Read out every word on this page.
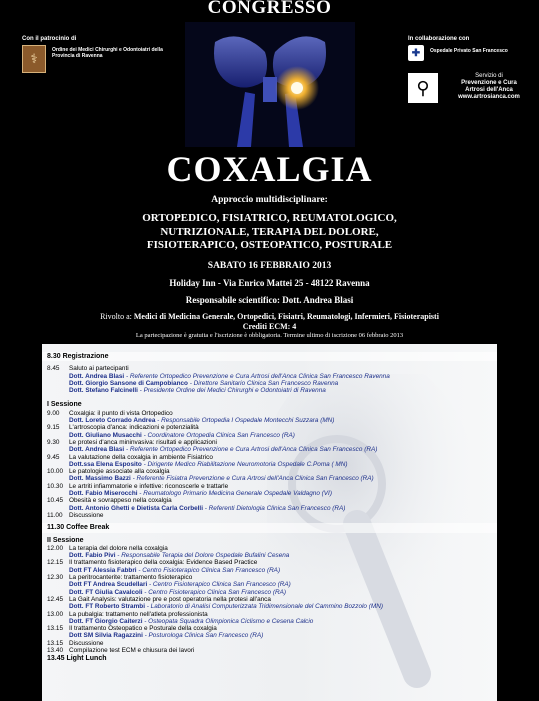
CONGRESSO
Con il patrocinio di
⚕
Ordine dei Medici Chirurghi e Odontoiatri della Provincia di Ravenna
In collaborazione con
✚ Ospedale Privato San Francesco
⚲
Servizio di
Prevenzione e Cura
Artrosi dell'Anca
www.artrosianca.com
COXALGIA
Approccio multidisciplinare:
ORTOPEDICO, FISIATRICO, REUMATOLOGICO,
NUTRIZIONALE, TERAPIA DEL DOLORE,
FISIOTERAPICO, OSTEOPATICO, POSTURALE
SABATO 16 FEBBRAIO 2013
Holiday Inn - Via Enrico Mattei 25 - 48122 Ravenna
Responsabile scientifico: Dott. Andrea Blasi
Rivolto a: Medici di Medicina Generale, Ortopedici, Fisiatri, Reumatologi, Infermieri, Fisioterapisti
Crediti ECM: 4
La partecipazione è gratuita e l'iscrizione è obbligatoria. Termine ultimo di iscrizione 06 febbraio 2013
8.30 Registrazione
8.45 Saluto ai partecipanti
Dott. Andrea Blasi - Referente Ortopedico Prevenzione e Cura Artrosi dell'Anca Clinica San Francesco Ravenna
Dott. Giorgio Sansone di Campobianco - Direttore Sanitario Clinica San Francesco Ravenna
Dott. Stefano Falcinelli - Presidente Ordine dei Medici Chirurghi e Odontoiatri di Ravenna
I Sessione
9.00 Coxalgia: il punto di vista Ortopedico
Dott. Loreto Corrado Andrea - Responsabile Ortopedia I Ospedale Montecchi Suzzara (MN)
9.15 L'artroscopia d'anca: indicazioni e potenzialità
Dott. Giuliano Musacchi - Coordinatore Ortopedia Clinica San Francesco (RA)
9.30 Le protesi d'anca mininvasiva: risultati e applicazioni
Dott. Andrea Blasi - Referente Ortopedico Prevenzione e Cura Artrosi dell'Anca Clinica San Francesco (RA)
9.45 La valutazione della coxalgia in ambiente Fisiatrico
Dott.ssa Elena Esposito - Dirigente Medico Riabilitazione Neuromotoria Ospedale C.Poma ( MN)
10.00 Le patologie associate alla coxalgia
Dott. Massimo Bazzi - Referente Fisiatra Prevenzione e Cura Artrosi dell'Anca Clinica San Francesco (RA)
10.30 Le artriti infiammatorie e infettive: riconoscerle e trattarle
Dott. Fabio Miserocchi - Reumatologo Primario Medicina Generale Ospedale Valdagno (VI)
10.45 Obesità e sovrappeso nella coxalgia
Dott. Antonio Ghetti e Dietista Carla Corbelli - Referenti Dietologia Clinica San Francesco (RA)
11.00 Discussione
11.30 Coffee Break
II Sessione
12.00 La terapia del dolore nella coxalgia
Dott. Fabio Pivi - Responsabile Terapia del Dolore Ospedale Bufalini Cesena
12.15 Il trattamento fisioterapico della coxalgia: Evidence Based Practice
Dott FT Alessia Fabbri - Centro Fisioterapico Clinica San Francesco (RA)
12.30 La peritrocanterite: trattamento fisioterapico
Dott FT Andrea Scudellari - Centro Fisioterapico Clinica San Francesco (RA)
Dott. FT Giulia Cavalcoli - Centro Fisioterapico Clinica San Francesco (RA)
12.45 La Gait Analysis: valutazione pre e post operatoria nella protesi all'anca
Dott. FT Roberto Strambi - Laboratorio di Analisi Computerizzata Tridimensionale del Cammino Bozzolo (MN)
13.00 La pubalgia: trattamento nell'atleta professionista
Dott. FT Giorgio Caiterzi - Osteopata Squadra Olimpionica Ciclismo e Cesena Calcio
13.15 Il trattamento Osteopatico e Posturale della coxalgia
Dott SM Silvia Ragazzini - Posturologa Clinica San Francesco (RA)
13.15 Discussione
13.40 Compilazione test ECM e chiusura dei lavori
13.45 Light Lunch
